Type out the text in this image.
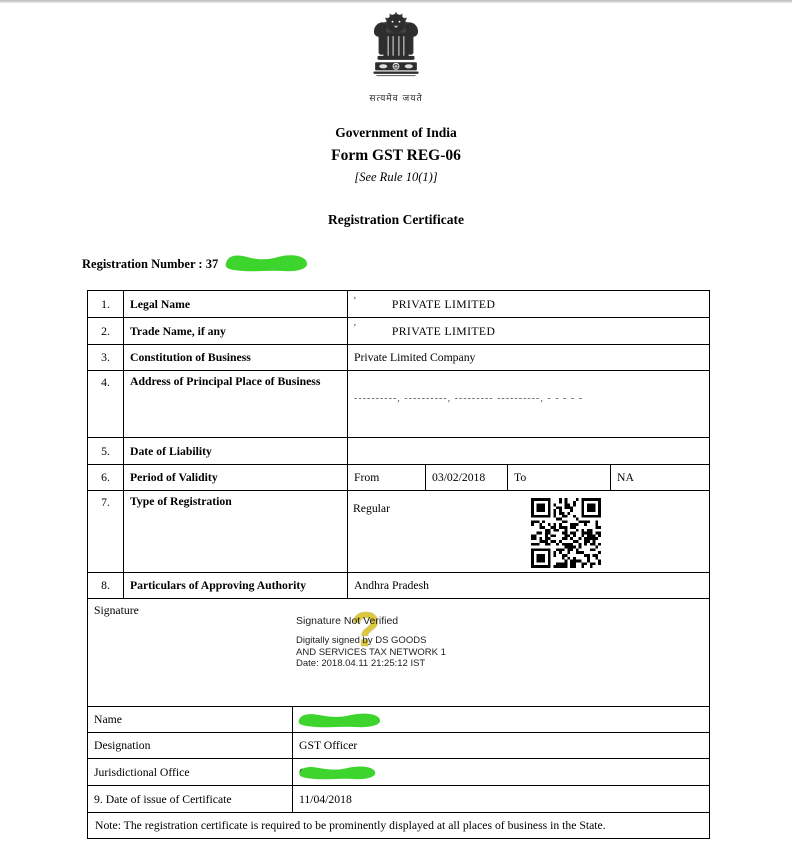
सत्यमेव जयते
Government of India
Form GST REG-06
[See Rule 10(1)]
Registration Certificate
Registration Number : 37
1.	Legal Name	'	PRIVATE LIMITED
2.	Trade Name, if any	'	PRIVATE LIMITED
3.	Constitution of Business	Private Limited Company
4.	Address of Principal Place of Business
----------, ----------, --------- ----------, - - - - -
5.	Date of Liability
6.	Period of Validity	From	03/02/2018	To	NA
7.	Type of Registration
Regular
8.	Particulars of Approving Authority	Andhra Pradesh
Signature	?
Signature Not Verified
Digitally signed by DS GOODS
AND SERVICES TAX NETWORK 1
Date: 2018.04.11 21:25:12 IST
Name
Designation	GST Officer
Jurisdictional Office
9. Date of issue of Certificate	11/04/2018
Note: The registration certificate is required to be prominently displayed at all places of business in the State.
